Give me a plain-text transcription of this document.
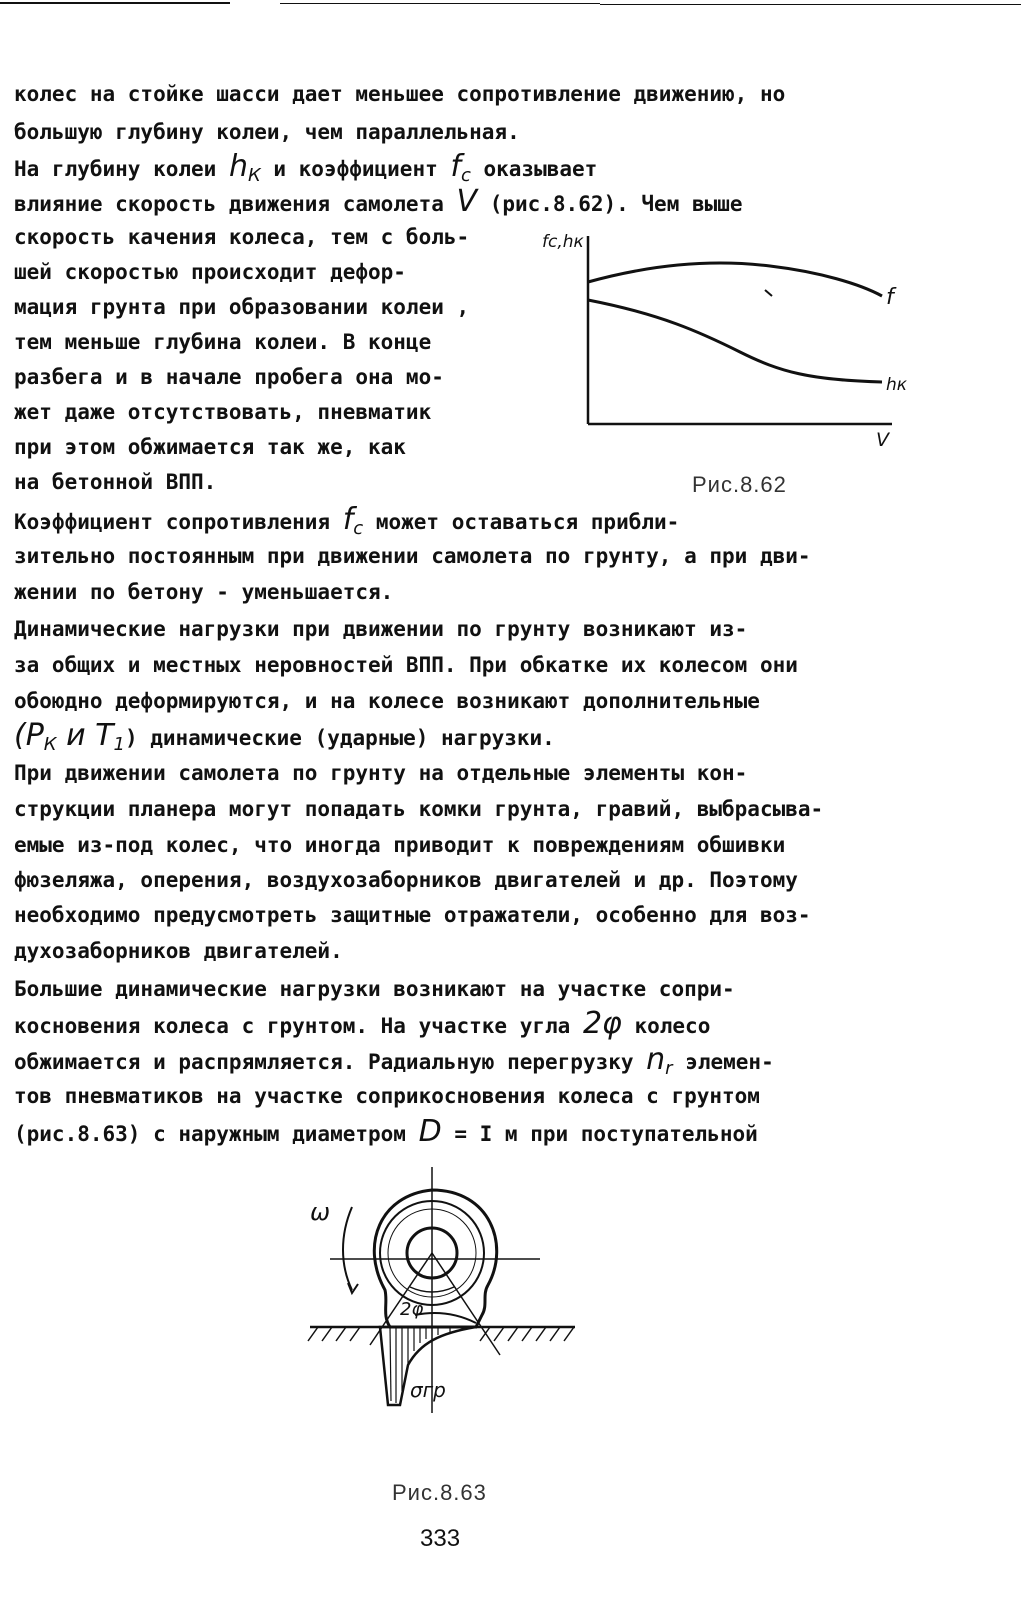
колес на стойке шасси дает меньшее сопротивление движению, но
большую глубину колеи, чем параллельная.
На глубину колеи $h_К$ и коэффициент $f_c$ оказывает
влияние скорость движения самолета V (рис.8.62). Чем выше
скорость качения колеса, тем с боль-
шей скоростью происходит дефор-
мация грунта при образовании колеи ,
тем меньше глубина колеи. В конце
разбега и в начале пробега она мо-
жет даже отсутствовать, пневматик
при этом обжимается так же, как
на бетонной ВПП.
Коэффициент сопротивления $f_c$ может оставаться прибли-
зительно постоянным при движении самолета по грунту, а при дви-
жении по бетону - уменьшается.
Динамические нагрузки при движении по грунту возникают из-
за общих и местных неровностей ВПП. При обкатке их колесом они
обоюдно деформируются, и на колесе возникают дополнительные
($P_К$ и $T_1$) динамические (ударные) нагрузки.
При движении самолета по грунту на отдельные элементы кон-
струкции планера могут попадать комки грунта, гравий, выбрасыва-
емые из-под колес, что иногда приводит к повреждениям обшивки
фюзеляжа, оперения, воздухозаборников двигателей и др. Поэтому
необходимо предусмотреть защитные отражатели, особенно для воз-
духозаборников двигателей.
Большие динамические нагрузки возникают на участке сопри-
косновения колеса с грунтом. На участке угла 2φ колесо
обжимается и распрямляется. Радиальную перегрузку $n_r$ элемен-
тов пневматиков на участке соприкосновения колеса с грунтом
(рис.8.63) с наружным диаметром D = I м при поступательной
fс,hк
f
hк
V
Рис.8.62
ω
2φ
σгр
Рис.8.63
333
